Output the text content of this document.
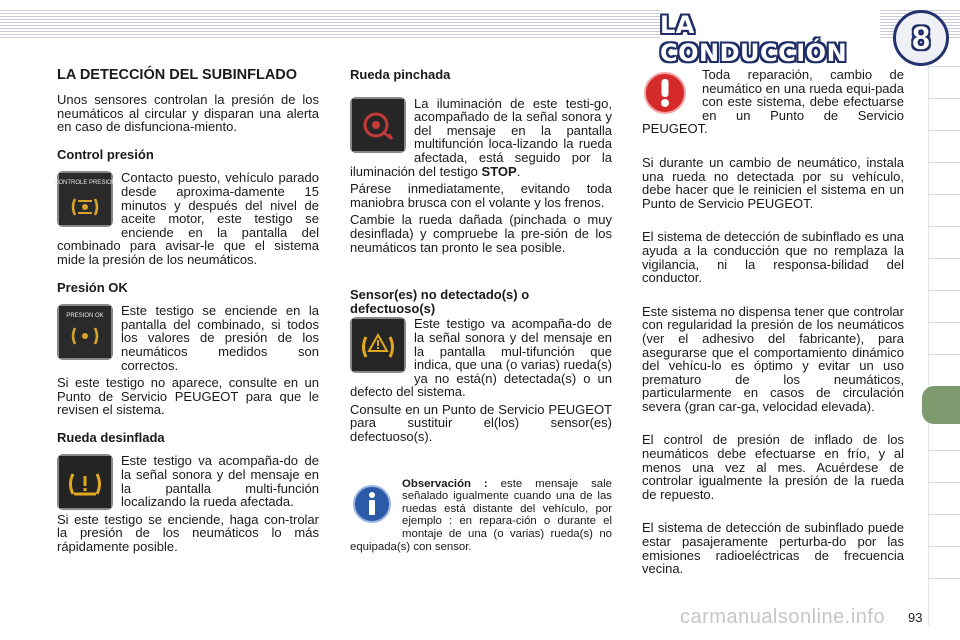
LA CONDUCCIÓN	8

LA DETECCIÓN DEL SUBINFLADO

Unos sensores controlan la presión de los neumáticos al circular y disparan una alerta en caso de disfunciona-miento.

Control presión

CONTROLE PRESION Contacto puesto, vehículo parado desde aproxima-damente 15 minutos y después del nivel de aceite motor, este testigo se enciende en la pantalla del combinado para avisar-le que el sistema mide la presión de los neumáticos.

Presión OK

PRESION OK	Este testigo se enciende en la pantalla del combinado, si todos los valores de presión de los neumáticos medidos son correctos.

Si este testigo no aparece, consulte en un Punto de Servicio PEUGEOT para que le revisen el sistema.

Rueda desinflada

Este testigo va acompaña-do de la señal sonora y del mensaje en la pantalla multi-función localizando la rueda afectada.

Si este testigo se enciende, haga con-trolar la presión de los neumáticos lo más rápidamente posible.

Rueda pinchada

La iluminación de este testi-go, acompañado de la señal sonora y del mensaje en la pantalla multifunción loca-lizando la rueda afectada, está seguido por la iluminación del testigo STOP.

Párese inmediatamente, evitando toda maniobra brusca con el volante y los frenos.

Cambie la rueda dañada (pinchada o muy desinflada) y compruebe la pre-sión de los neumáticos tan pronto le sea posible.

Sensor(es) no detectado(s) o defectuoso(s)

Este testigo va acompaña-do de la señal sonora y del mensaje en la pantalla mul-tifunción que indica, que una (o varias) rueda(s) ya no está(n) detectada(s) o un defecto del sistema.

Consulte en un Punto de Servicio PEUGEOT para sustituir el(los) sensor(es) defectuoso(s).

Observación : este mensaje sale señalado igualmente cuando una de las ruedas está distante del vehículo, por ejemplo : en repara-ción o durante el montaje de una (o varias) rueda(s) no equipada(s) con sensor.

Toda reparación, cambio de neumático en una rueda equi-pada con este sistema, debe efectuarse en un Punto de Servicio PEUGEOT.

Si durante un cambio de neumático, instala una rueda no detectada por su vehículo, debe hacer que le reinicien el sistema en un Punto de Servicio PEUGEOT.

El sistema de detección de subinflado es una ayuda a la conducción que no remplaza la vigilancia, ni la responsa-bilidad del conductor.

Este sistema no dispensa tener que controlar con regularidad la presión de los neumáticos (ver el adhesivo del fabricante), para asegurarse que el comportamiento dinámico del vehícu-lo es óptimo y evitar un uso prematuro de los neumáticos, particularmente en casos de circulación severa (gran car-ga, velocidad elevada).

El control de presión de inflado de los neumáticos debe efectuarse en frío, y al menos una vez al mes. Acuérdese de controlar igualmente la presión de la rueda de repuesto.

El sistema de detección de subinflado puede estar pasajeramente perturba-do por las emisiones radioeléctricas de frecuencia vecina.

carmanualsonline.info 93
